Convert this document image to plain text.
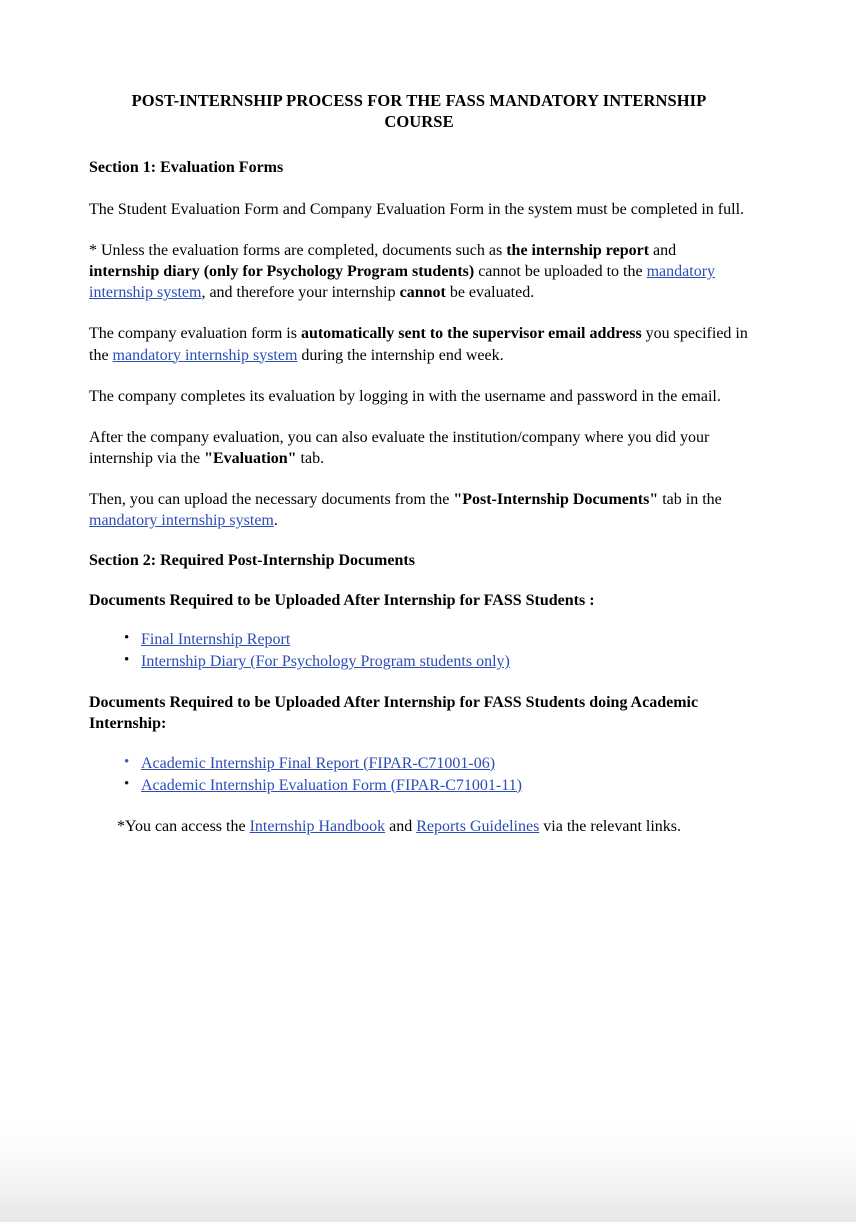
POST-INTERNSHIP PROCESS FOR THE FASS MANDATORY INTERNSHIP COURSE
Section 1: Evaluation Forms

The Student Evaluation Form and Company Evaluation Form in the system must be completed in full.

* Unless the evaluation forms are completed, documents such as the internship report and internship diary (only for Psychology Program students) cannot be uploaded to the mandatory internship system, and therefore your internship cannot be evaluated.

The company evaluation form is automatically sent to the supervisor email address you specified in the mandatory internship system during the internship end week.

The company completes its evaluation by logging in with the username and password in the email.

After the company evaluation, you can also evaluate the institution/company where you did your internship via the "Evaluation" tab.

Then, you can upload the necessary documents from the "Post-Internship Documents" tab in the mandatory internship system.

Section 2: Required Post-Internship Documents
Documents Required to be Uploaded After Internship for FASS Students :
• Final Internship Report
• Internship Diary (For Psychology Program students only)
Documents Required to be Uploaded After Internship for FASS Students doing Academic Internship:
• Academic Internship Final Report (FIPAR-C71001-06)
• Academic Internship Evaluation Form (FIPAR-C71001-11)

*You can access the Internship Handbook and Reports Guidelines via the relevant links.
